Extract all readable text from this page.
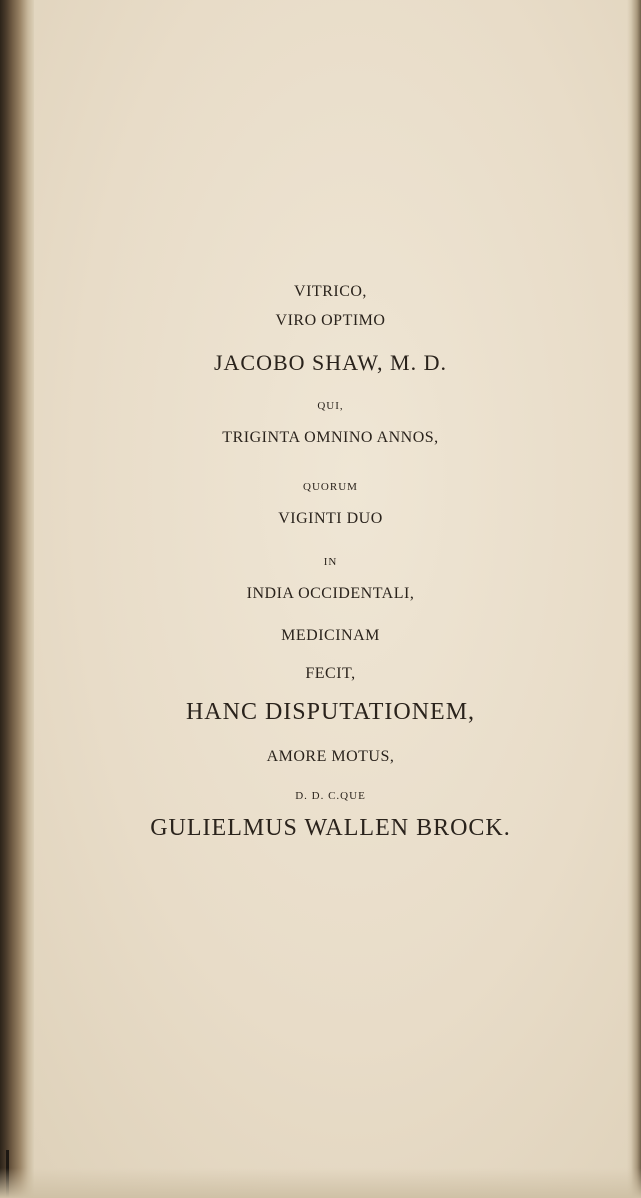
VITRICO,
VIRO OPTIMO
JACOBO SHAW, M. D.
QUI,
TRIGINTA OMNINO ANNOS,
QUORUM
VIGINTI DUO
IN
INDIA OCCIDENTALI,
MEDICINAM
FECIT,
HANC DISPUTATIONEM,
AMORE MOTUS,
D. D. C.QUE
GULIELMUS WALLEN BROCK.
